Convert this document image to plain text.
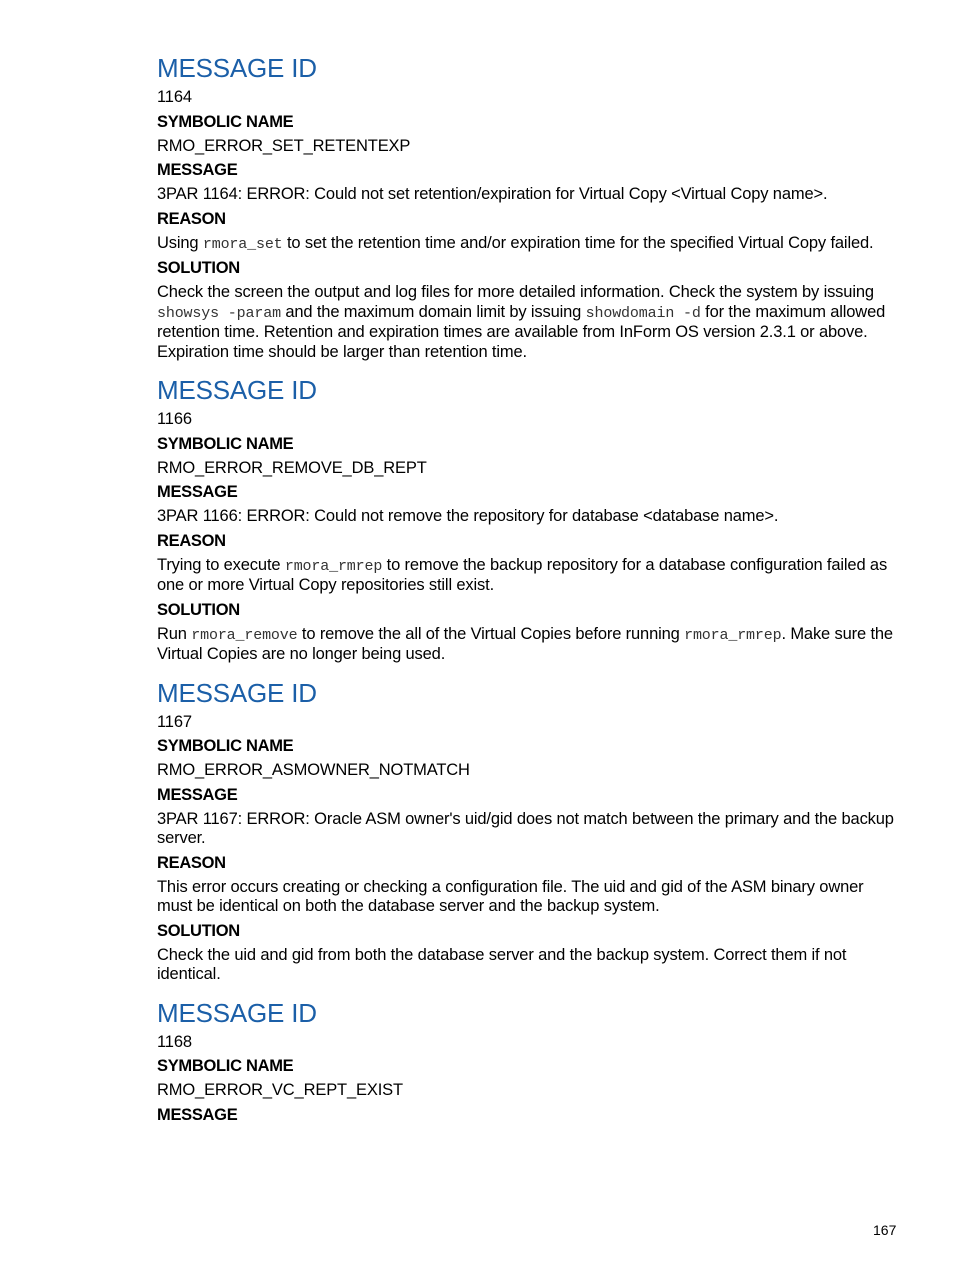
MESSAGE ID
1164
SYMBOLIC NAME
RMO_ERROR_SET_RETENTEXP
MESSAGE
3PAR 1164: ERROR: Could not set retention/expiration for Virtual Copy <Virtual Copy name>.
REASON
Using rmora_set to set the retention time and/or expiration time for the specified Virtual Copy failed.
SOLUTION
Check the screen the output and log files for more detailed information. Check the system by issuing showsys -param and the maximum domain limit by issuing showdomain -d for the maximum allowed retention time. Retention and expiration times are available from InForm OS version 2.3.1 or above. Expiration time should be larger than retention time.
MESSAGE ID
1166
SYMBOLIC NAME
RMO_ERROR_REMOVE_DB_REPT
MESSAGE
3PAR 1166: ERROR: Could not remove the repository for database <database name>.
REASON
Trying to execute rmora_rmrep to remove the backup repository for a database configuration failed as one or more Virtual Copy repositories still exist.
SOLUTION
Run rmora_remove to remove the all of the Virtual Copies before running rmora_rmrep. Make sure the Virtual Copies are no longer being used.
MESSAGE ID
1167
SYMBOLIC NAME
RMO_ERROR_ASMOWNER_NOTMATCH
MESSAGE
3PAR 1167: ERROR: Oracle ASM owner's uid/gid does not match between the primary and the backup server.
REASON
This error occurs creating or checking a configuration file. The uid and gid of the ASM binary owner must be identical on both the database server and the backup system.
SOLUTION
Check the uid and gid from both the database server and the backup system. Correct them if not identical.
MESSAGE ID
1168
SYMBOLIC NAME
RMO_ERROR_VC_REPT_EXIST
MESSAGE
167
